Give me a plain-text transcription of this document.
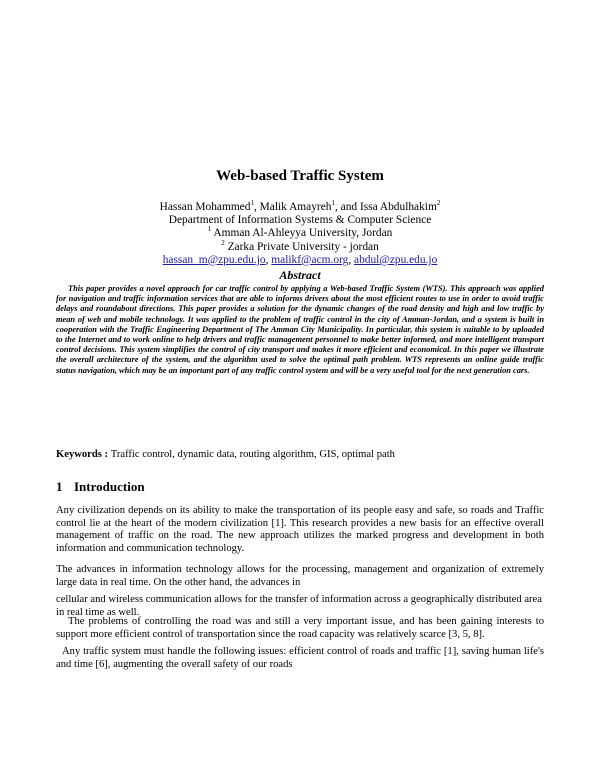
Web-based Traffic System
Hassan Mohammed$^1$, Malik Amayreh$^1$, and Issa Abdulhakim$^2$
Department of Information Systems & Computer Science
$^1$ Amman Al-Ahleyya University, Jordan
$^2$ Zarka Private University - jordan
hassan_m@zpu.edu.jo, malikf@acm.org, abdul@zpu.edu.jo
Abstract
This paper provides a novel approach for car traffic control by applying a Web-based Traffic System (WTS). This approach was applied for navigation and traffic information services that are able to informs drivers about the most efficient routes to use in order to avoid traffic delays and roundabout directions. This paper provides a solution for the dynamic changes of the road density and high and low traffic by mean of web and mobile technology. It was applied to the problem of traffic control in the city of Amman-Jordan, and a system is built in cooperation with the Traffic Engineering Department of The Amman City Municipality. In particular, this system is suitable to by uploaded to the Internet and to work online to help drivers and traffic management personnel to make better informed, and more intelligent transport control decisions. This system simplifies the control of city transport and makes it more efficient and economical. In this paper we illustrate the overall architecture of the system, and the algorithm used to solve the optimal path problem. WTS represents an online guide traffic status navigation, which may be an important part of any traffic control system and will be a very useful tool for the next generation cars.
Keywords : Traffic control, dynamic data, routing algorithm, GIS, optimal path
1 Introduction

Any civilization depends on its ability to make the transportation of its people easy and safe, so roads and Traffic control lie at the heart of the modern civilization [1]. This research provides a new basis for an effective overall management of traffic on the road. The new approach utilizes the marked progress and development in both information and communication technology.

The advances in information technology allows for the processing, management and organization of extremely large data in real time. On the other hand, the advances in

cellular and wireless communication allows for the transfer of information across a geographically distributed area in real time as well.

The problems of controlling the road was and still a very important issue, and has been gaining interests to support more efficient control of transportation since the road capacity was relatively scarce [3, 5, 8].

Any traffic system must handle the following issues: efficient control of roads and traffic [1], saving human life's and time [6], augmenting the overall safety of our roads
